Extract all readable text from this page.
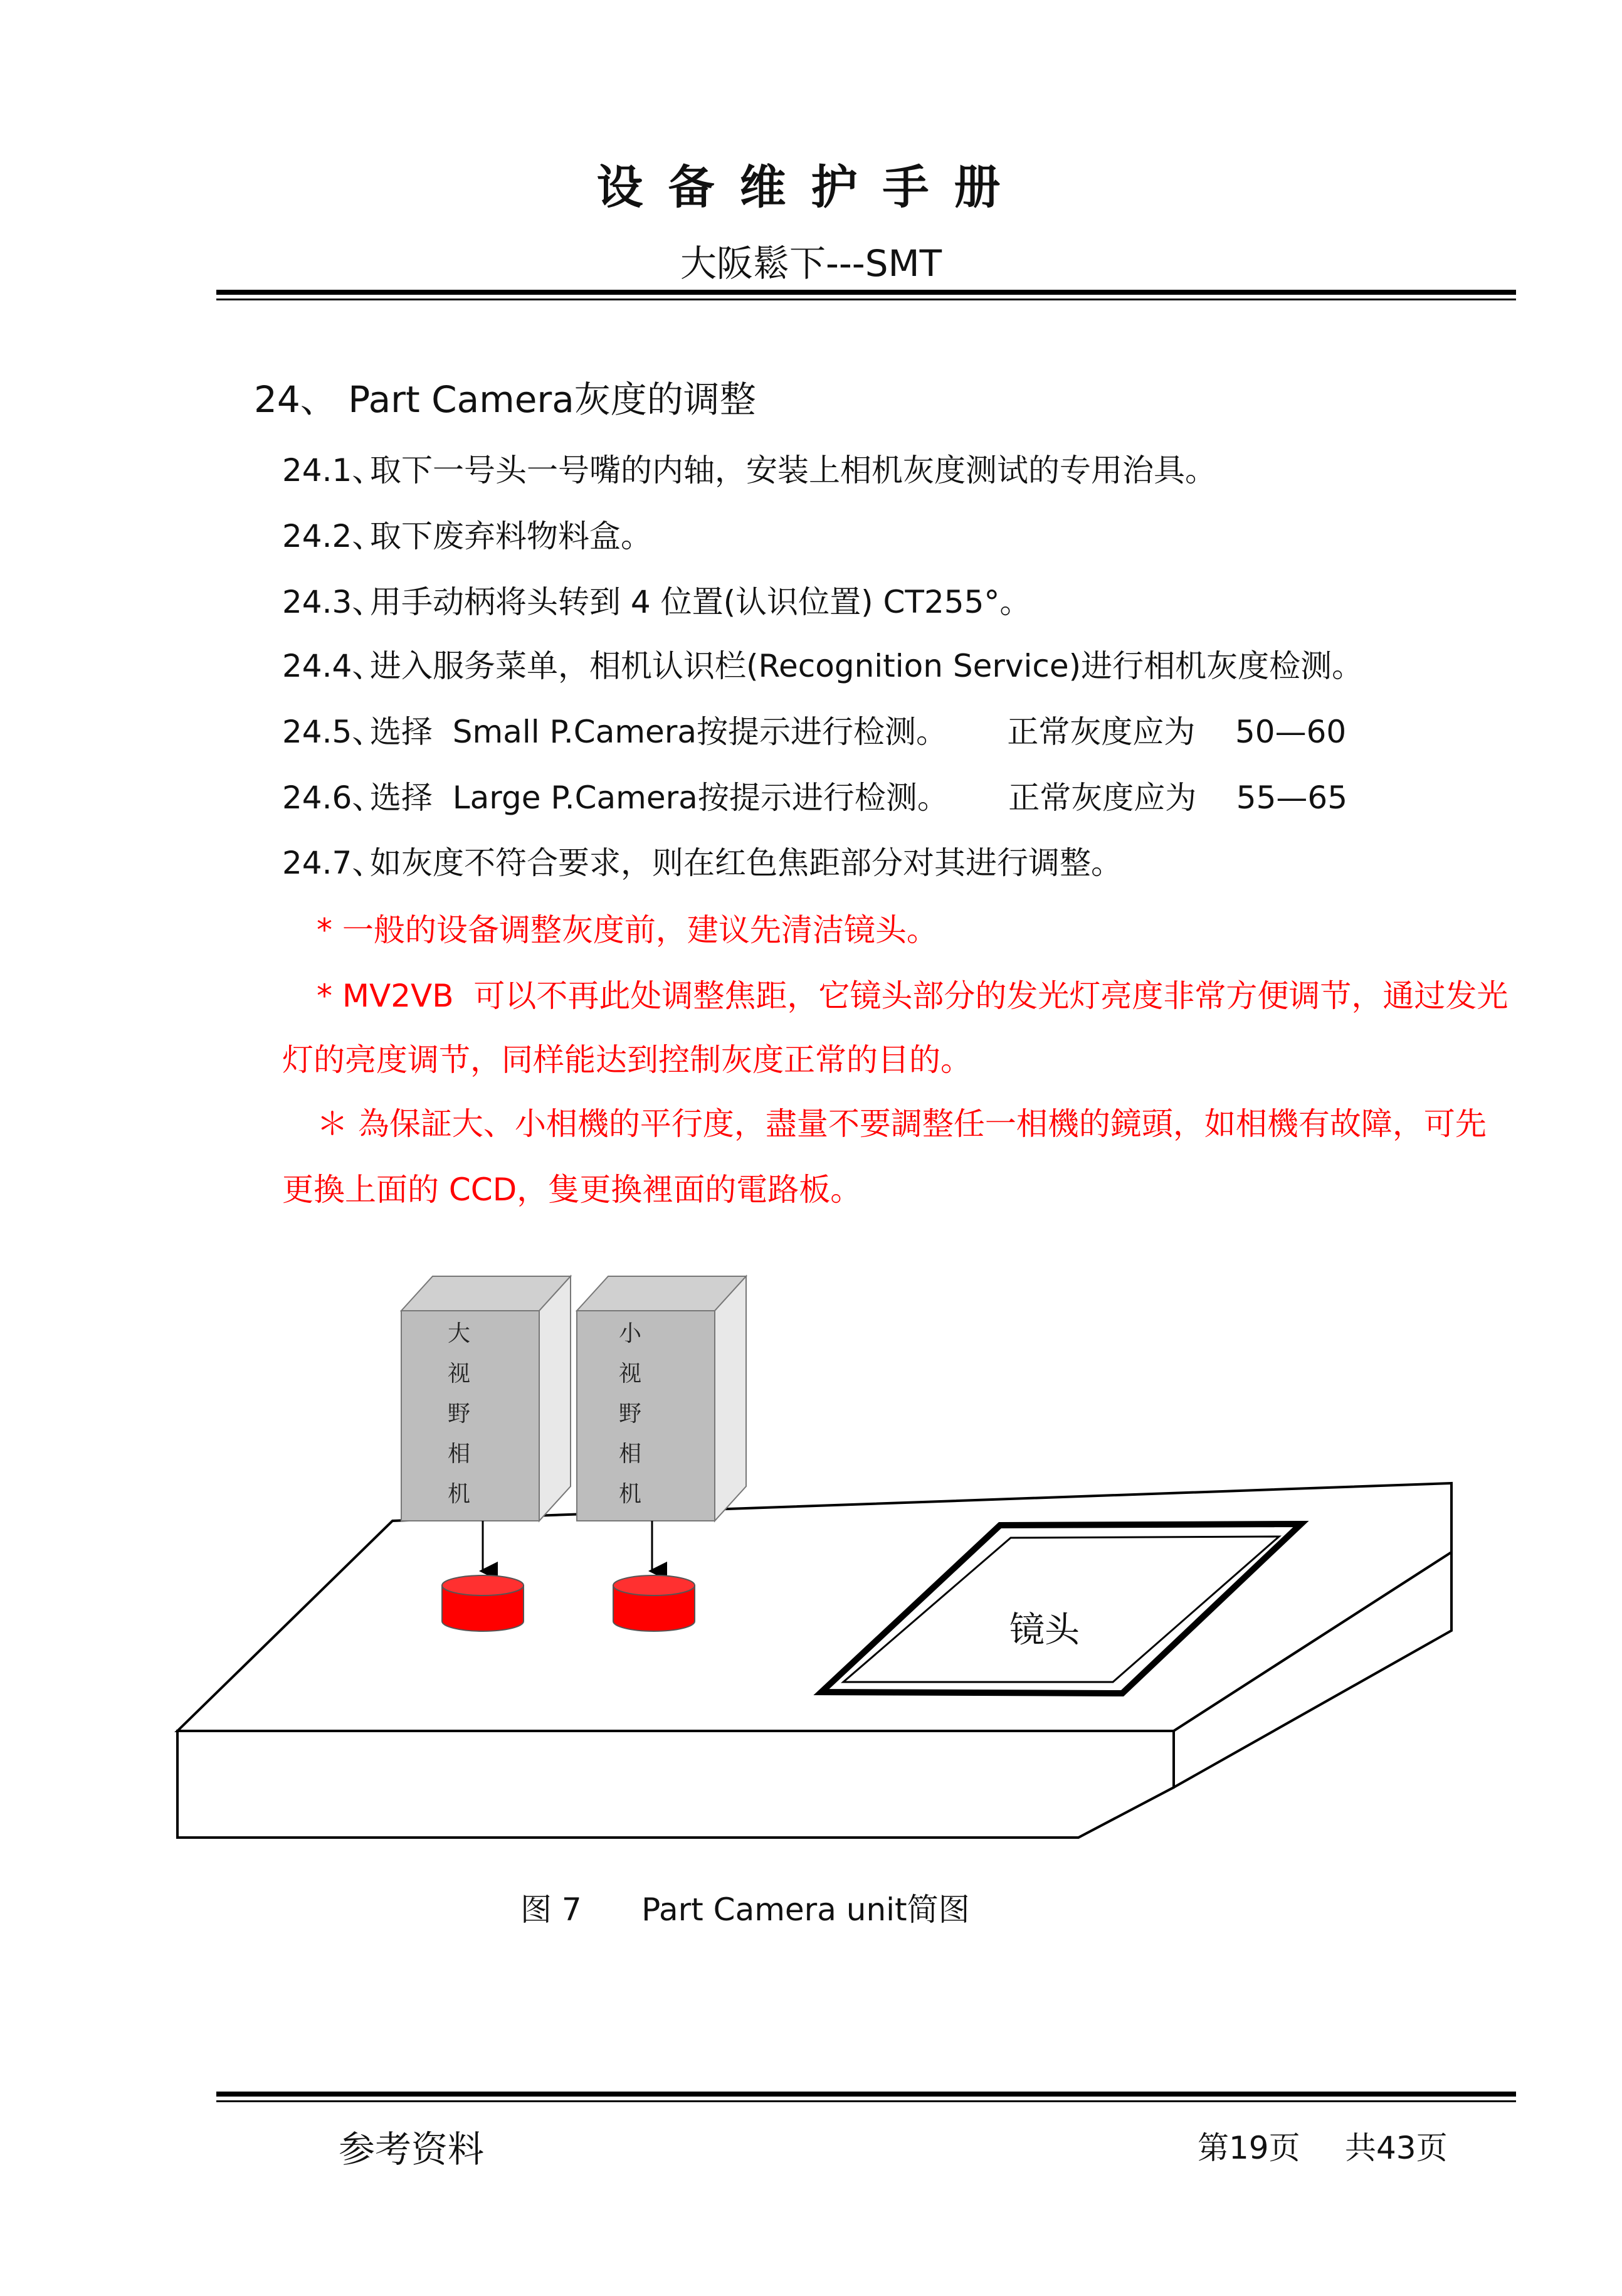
设备维护手册
大阪鬆下---SMT
24、 Part Camera灰度的调整
24.1、取下一号头一号嘴的内轴，安装上相机灰度测试的专用治具。
24.2、取下废弃料物料盒。
24.3、用手动柄将头转到 4 位置(认识位置) CT255°。
24.4、进入服务菜单，相机认识栏(Recognition Service)进行相机灰度检测。
24.5、选择  Small P.Camera按提示进行检测。      正常灰度应为    50—60
24.6、选择  Large P.Camera按提示进行检测。      正常灰度应为    55—65
24.7、如灰度不符合要求，则在红色焦距部分对其进行调整。
* 一般的设备调整灰度前，建议先清洁镜头。
* MV2VB  可以不再此处调整焦距，它镜头部分的发光灯亮度非常方便调节，通过发光
灯的亮度调节，同样能达到控制灰度正常的目的。
＊ 為保証大、小相機的平行度，盡量不要調整任一相機的鏡頭，如相機有故障，可先
更換上面的 CCD，隻更換裡面的電路板。
大
视
野
相
机
小
视
野
相
机
镜头
图 7      Part Camera unit简图
参考资料	第19页 共43页
